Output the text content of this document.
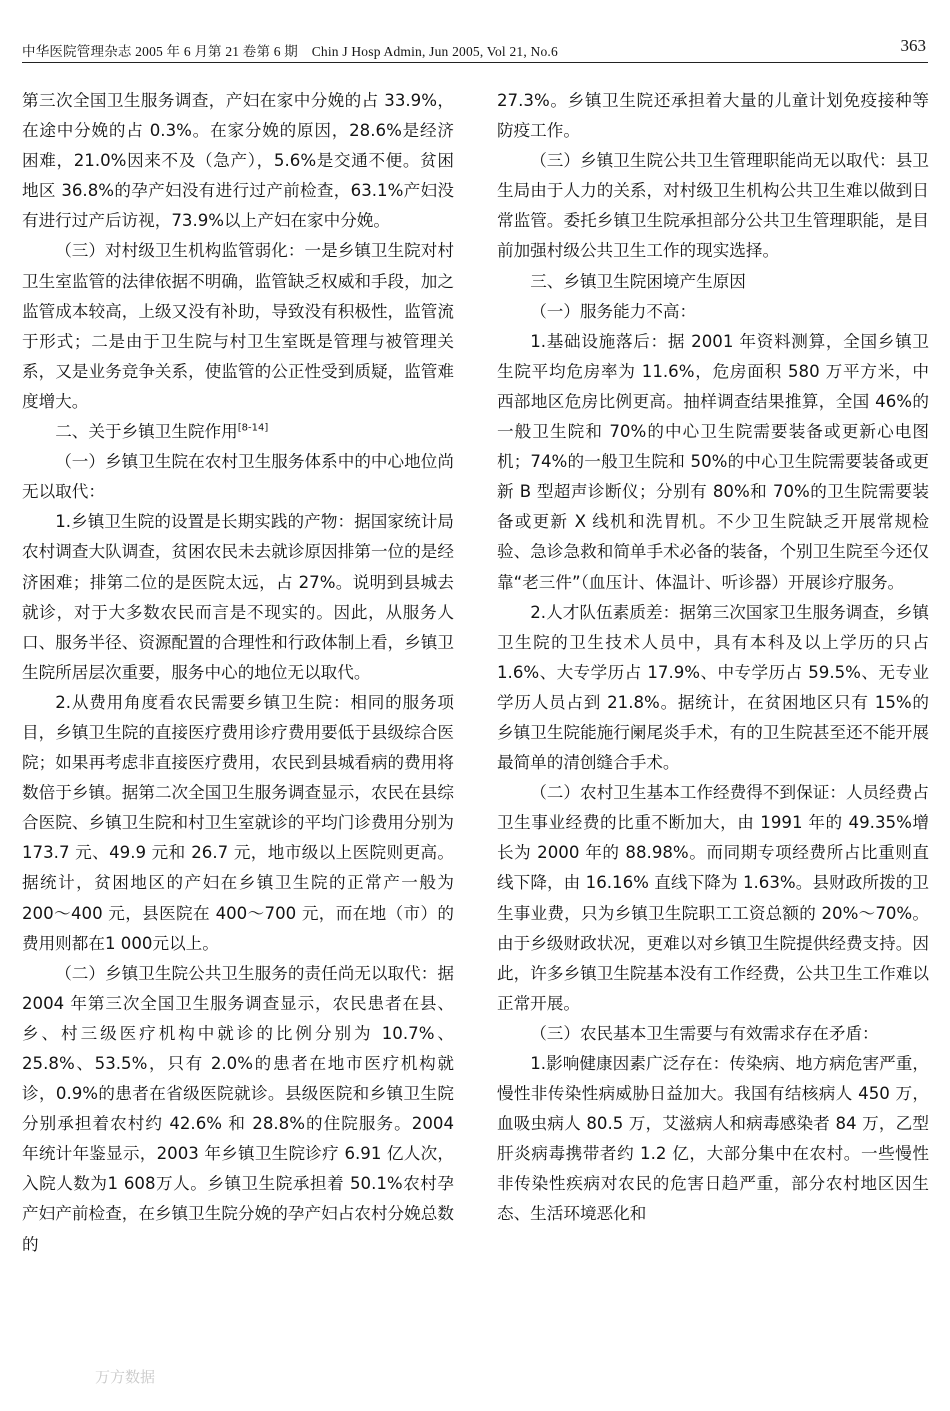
中华医院管理杂志 2005 年 6 月第 21 卷第 6 期　Chin J Hosp Admin, Jun 2005, Vol 21, No.6	363

第三次全国卫生服务调查，产妇在家中分娩的占 33.9%，在途中分娩的占 0.3%。在家分娩的原因，28.6%是经济困难，21.0%因来不及（急产），5.6%是交通不便。贫困地区 36.8%的孕产妇没有进行过产前检查，63.1%产妇没有进行过产后访视，73.9%以上产妇在家中分娩。

（三）对村级卫生机构监管弱化：一是乡镇卫生院对村卫生室监管的法律依据不明确，监管缺乏权威和手段，加之监管成本较高，上级又没有补助，导致没有积极性，监管流于形式；二是由于卫生院与村卫生室既是管理与被管理关系，又是业务竞争关系，使监管的公正性受到质疑，监管难度增大。

二、关于乡镇卫生院作用[8-14]

（一）乡镇卫生院在农村卫生服务体系中的中心地位尚无以取代：

1.乡镇卫生院的设置是长期实践的产物：据国家统计局农村调查大队调查，贫困农民未去就诊原因排第一位的是经济困难；排第二位的是医院太远，占 27%。说明到县城去就诊，对于大多数农民而言是不现实的。因此，从服务人口、服务半径、资源配置的合理性和行政体制上看，乡镇卫生院所居层次重要，服务中心的地位无以取代。

2.从费用角度看农民需要乡镇卫生院：相同的服务项目，乡镇卫生院的直接医疗费用诊疗费用要低于县级综合医院；如果再考虑非直接医疗费用，农民到县城看病的费用将数倍于乡镇。据第二次全国卫生服务调查显示，农民在县综合医院、乡镇卫生院和村卫生室就诊的平均门诊费用分别为 173.7 元、49.9 元和 26.7 元，地市级以上医院则更高。据统计，贫困地区的产妇在乡镇卫生院的正常产一般为 200～400 元，县医院在 400～700 元，而在地（市）的费用则都在1 000元以上。

（二）乡镇卫生院公共卫生服务的责任尚无以取代：据 2004 年第三次全国卫生服务调查显示，农民患者在县、乡、村三级医疗机构中就诊的比例分别为 10.7%、25.8%、53.5%，只有 2.0%的患者在地市医疗机构就诊，0.9%的患者在省级医院就诊。县级医院和乡镇卫生院分别承担着农村约 42.6% 和 28.8%的住院服务。2004 年统计年鉴显示，2003 年乡镇卫生院诊疗 6.91 亿人次，入院人数为1 608万人。乡镇卫生院承担着 50.1%农村孕产妇产前检查，在乡镇卫生院分娩的孕产妇占农村分娩总数的

27.3%。乡镇卫生院还承担着大量的儿童计划免疫接种等防疫工作。

（三）乡镇卫生院公共卫生管理职能尚无以取代：县卫生局由于人力的关系，对村级卫生机构公共卫生难以做到日常监管。委托乡镇卫生院承担部分公共卫生管理职能，是目前加强村级公共卫生工作的现实选择。

三、乡镇卫生院困境产生原因

（一）服务能力不高：

1.基础设施落后：据 2001 年资料测算，全国乡镇卫生院平均危房率为 11.6%，危房面积 580 万平方米，中西部地区危房比例更高。抽样调查结果推算，全国 46%的一般卫生院和 70%的中心卫生院需要装备或更新心电图机；74%的一般卫生院和 50%的中心卫生院需要装备或更新 B 型超声诊断仪；分别有 80%和 70%的卫生院需要装备或更新 X 线机和洗胃机。不少卫生院缺乏开展常规检验、急诊急救和简单手术必备的装备，个别卫生院至今还仅靠“老三件”（血压计、体温计、听诊器）开展诊疗服务。

2.人才队伍素质差：据第三次国家卫生服务调查，乡镇卫生院的卫生技术人员中，具有本科及以上学历的只占 1.6%、大专学历占 17.9%、中专学历占 59.5%、无专业学历人员占到 21.8%。据统计，在贫困地区只有 15%的乡镇卫生院能施行阑尾炎手术，有的卫生院甚至还不能开展最简单的清创缝合手术。

（二）农村卫生基本工作经费得不到保证：人员经费占卫生事业经费的比重不断加大，由 1991 年的 49.35%增长为 2000 年的 88.98%。而同期专项经费所占比重则直线下降，由 16.16% 直线下降为 1.63%。县财政所拨的卫生事业费，只为乡镇卫生院职工工资总额的 20%～70%。由于乡级财政状况，更难以对乡镇卫生院提供经费支持。因此，许多乡镇卫生院基本没有工作经费，公共卫生工作难以正常开展。

（三）农民基本卫生需要与有效需求存在矛盾：

1.影响健康因素广泛存在：传染病、地方病危害严重，慢性非传染性病威胁日益加大。我国有结核病人 450 万，血吸虫病人 80.5 万，艾滋病人和病毒感染者 84 万，乙型肝炎病毒携带者约 1.2 亿，大部分集中在农村。一些慢性非传染性疾病对农民的危害日趋严重，部分农村地区因生态、生活环境恶化和

万方数据
